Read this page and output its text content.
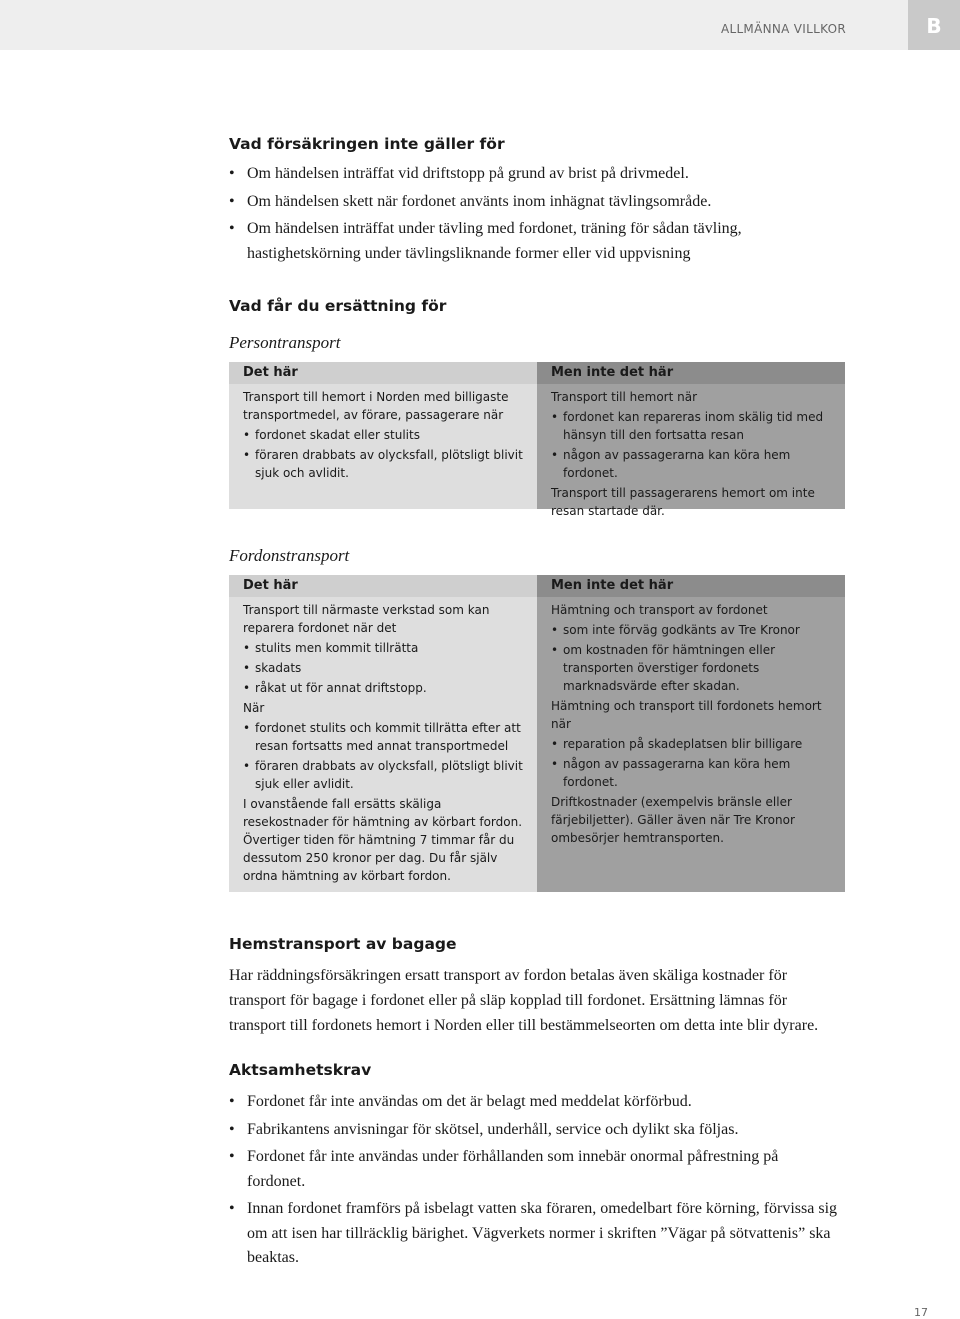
ALLMÄNNA VILLKOR	B
Vad försäkringen inte gäller för
• Om händelsen inträffat vid driftstopp på grund av brist på drivmedel.
• Om händelsen skett när fordonet använts inom inhägnat tävlingsområde.
• Om händelsen inträffat under tävling med fordonet, träning för sådan tävling, hastighetskörning under tävlingsliknande former eller vid uppvisning
Vad får du ersättning för
Persontransport
Det här

Transport till hemort i Norden med billigaste transportmedel, av förare, passagerare när

• fordonet skadat eller stulits
• föraren drabbats av olycksfall, plötsligt blivit sjuk och avlidit.
Men inte det här

Transport till hemort när

• fordonet kan repareras inom skälig tid med hänsyn till den fortsatta resan
• någon av passagerarna kan köra hem fordonet.

Transport till passagerarens hemort om inte resan startade där.

Fordonstransport
Det här

Transport till närmaste verkstad som kan reparera fordonet när det

• stulits men kommit tillrätta
• skadats
• råkat ut för annat driftstopp.

När

• fordonet stulits och kommit tillrätta efter att resan fortsatts med annat transportmedel
• föraren drabbats av olycksfall, plötsligt blivit sjuk eller avlidit.

I ovanstående fall ersätts skäliga resekostnader för hämtning av körbart fordon. Övertiger tiden för hämtning 7 timmar får du dessutom 250 kronor per dag. Du får själv ordna hämtning av körbart fordon.

Men inte det här

Hämtning och transport av fordonet

• som inte förväg godkänts av Tre Kronor
• om kostnaden för hämtningen eller transporten överstiger fordonets marknadsvärde efter skadan.

Hämtning och transport till fordonets hemort när

• reparation på skadeplatsen blir billigare
• någon av passagerarna kan köra hem fordonet.

Driftkostnader (exempelvis bränsle eller färjebiljetter). Gäller även när Tre Kronor ombesörjer hemtransporten.

Hemstransport av bagage

Har räddningsförsäkringen ersatt transport av fordon betalas även skäliga kostnader för transport för bagage i fordonet eller på släp kopplad till fordonet. Ersättning lämnas för transport till fordonets hemort i Norden eller till bestämmelseorten om detta inte blir dyrare.

Aktsamhetskrav
• Fordonet får inte användas om det är belagt med meddelat körförbud.
• Fabrikantens anvisningar för skötsel, underhåll, service och dylikt ska följas.
• Fordonet får inte användas under förhållanden som innebär onormal påfrestning på fordonet.
• Innan fordonet framförs på isbelagt vatten ska föraren, omedelbart före körning, förvissa sig om att isen har tillräcklig bärighet. Vägverkets normer i skriften ”Vägar på sötvattenis” ska beaktas.
17
